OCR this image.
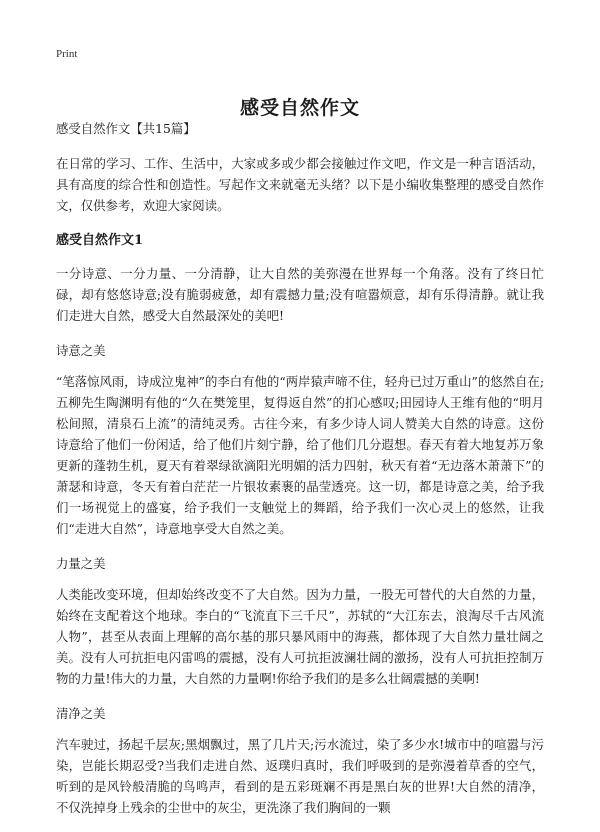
Print
感受自然作文

感受自然作文【共15篇】

在日常的学习、工作、生活中，大家或多或少都会接触过作文吧，作文是一种言语活动，具有高度的综合性和创造性。写起作文来就毫无头绪？以下是小编收集整理的感受自然作文，仅供参考，欢迎大家阅读。

感受自然作文1

一分诗意、一分力量、一分清静，让大自然的美弥漫在世界每一个角落。没有了终日忙碌，却有悠悠诗意;没有脆弱疲惫，却有震撼力量;没有喧嚣烦意，却有乐得清静。就让我们走进大自然，感受大自然最深处的美吧!

诗意之美

“笔落惊风雨，诗成泣鬼神”的李白有他的“两岸猿声啼不住，轻舟已过万重山”的悠然自在;五柳先生陶渊明有他的“久在樊笼里，复得返自然”的扪心感叹;田园诗人王维有他的“明月松间照，清泉石上流”的清纯灵秀。古往今来，有多少诗人词人赞美大自然的诗意。这份诗意给了他们一份闲适，给了他们片刻宁静，给了他们几分遐想。春天有着大地复苏万象更新的蓬勃生机，夏天有着翠绿欲滴阳光明媚的活力四射，秋天有着“无边落木萧萧下”的萧瑟和诗意，冬天有着白茫茫一片银妆素裹的晶莹透亮。这一切，都是诗意之美，给予我们一场视觉上的盛宴，给予我们一支触觉上的舞蹈，给予我们一次心灵上的悠然，让我们“走进大自然”，诗意地享受大自然之美。

力量之美

人类能改变环境，但却始终改变不了大自然。因为力量，一股无可替代的大自然的力量，始终在支配着这个地球。李白的“飞流直下三千尺”，苏轼的“大江东去，浪淘尽千古风流人物”，甚至从表面上理解的高尔基的那只暴风雨中的海燕，都体现了大自然力量壮阔之美。没有人可抗拒电闪雷鸣的震撼，没有人可抗拒波澜壮阔的激扬，没有人可抗拒控制万物的力量!伟大的力量，大自然的力量啊!你给予我们的是多么壮阔震撼的美啊!

清净之美

汽车驶过，扬起千层灰;黑烟飘过，黑了几片天;污水流过，染了多少水!城市中的喧嚣与污染，岂能长期忍受?当我们走进自然、返璞归真时，我们呼吸到的是弥漫着草香的空气，听到的是风铃般清脆的鸟鸣声，看到的是五彩斑斓不再是黑白灰的世界!大自然的清净，不仅洗掉身上残余的尘世中的灰尘，更洗涤了我们胸间的一颗
